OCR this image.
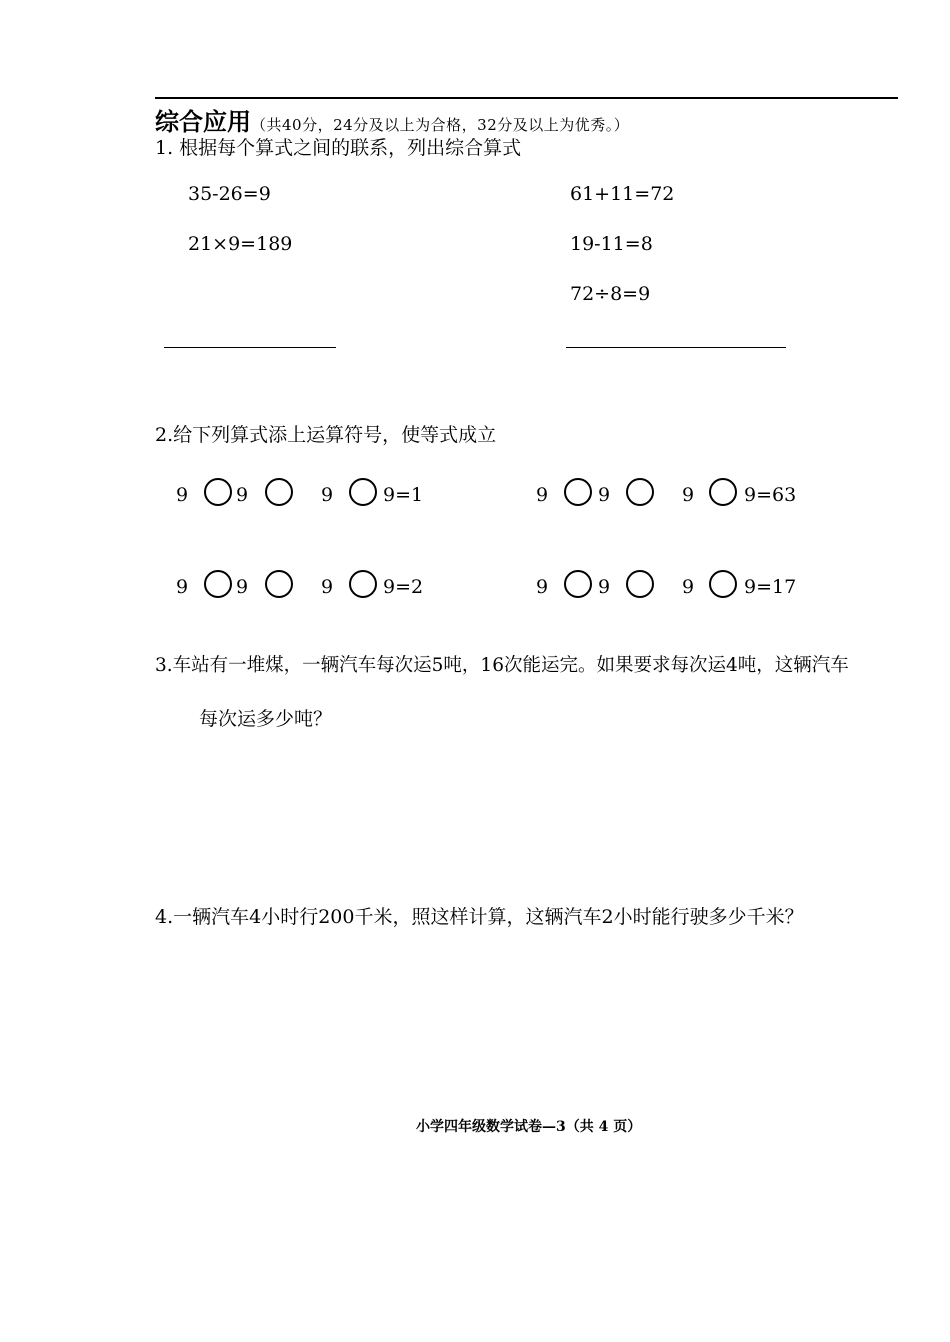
综合应用（共40分，24分及以上为合格，32分及以上为优秀。）
1. 根据每个算式之间的联系，列出综合算式
35-26=9
21×9=189
61+11=72
19-11=8
72÷8=9
2.给下列算式添上运算符号，使等式成立
9	9	9	9=1	9	9	9	9=63
9	9	9	9=2	9	9	9	9=17
3.车站有一堆煤，一辆汽车每次运5吨，16次能运完。如果要求每次运4吨，这辆汽车
每次运多少吨？
4.一辆汽车4小时行200千米，照这样计算，这辆汽车2小时能行驶多少千米？
小学四年级数学试卷—3（共 4 页）
